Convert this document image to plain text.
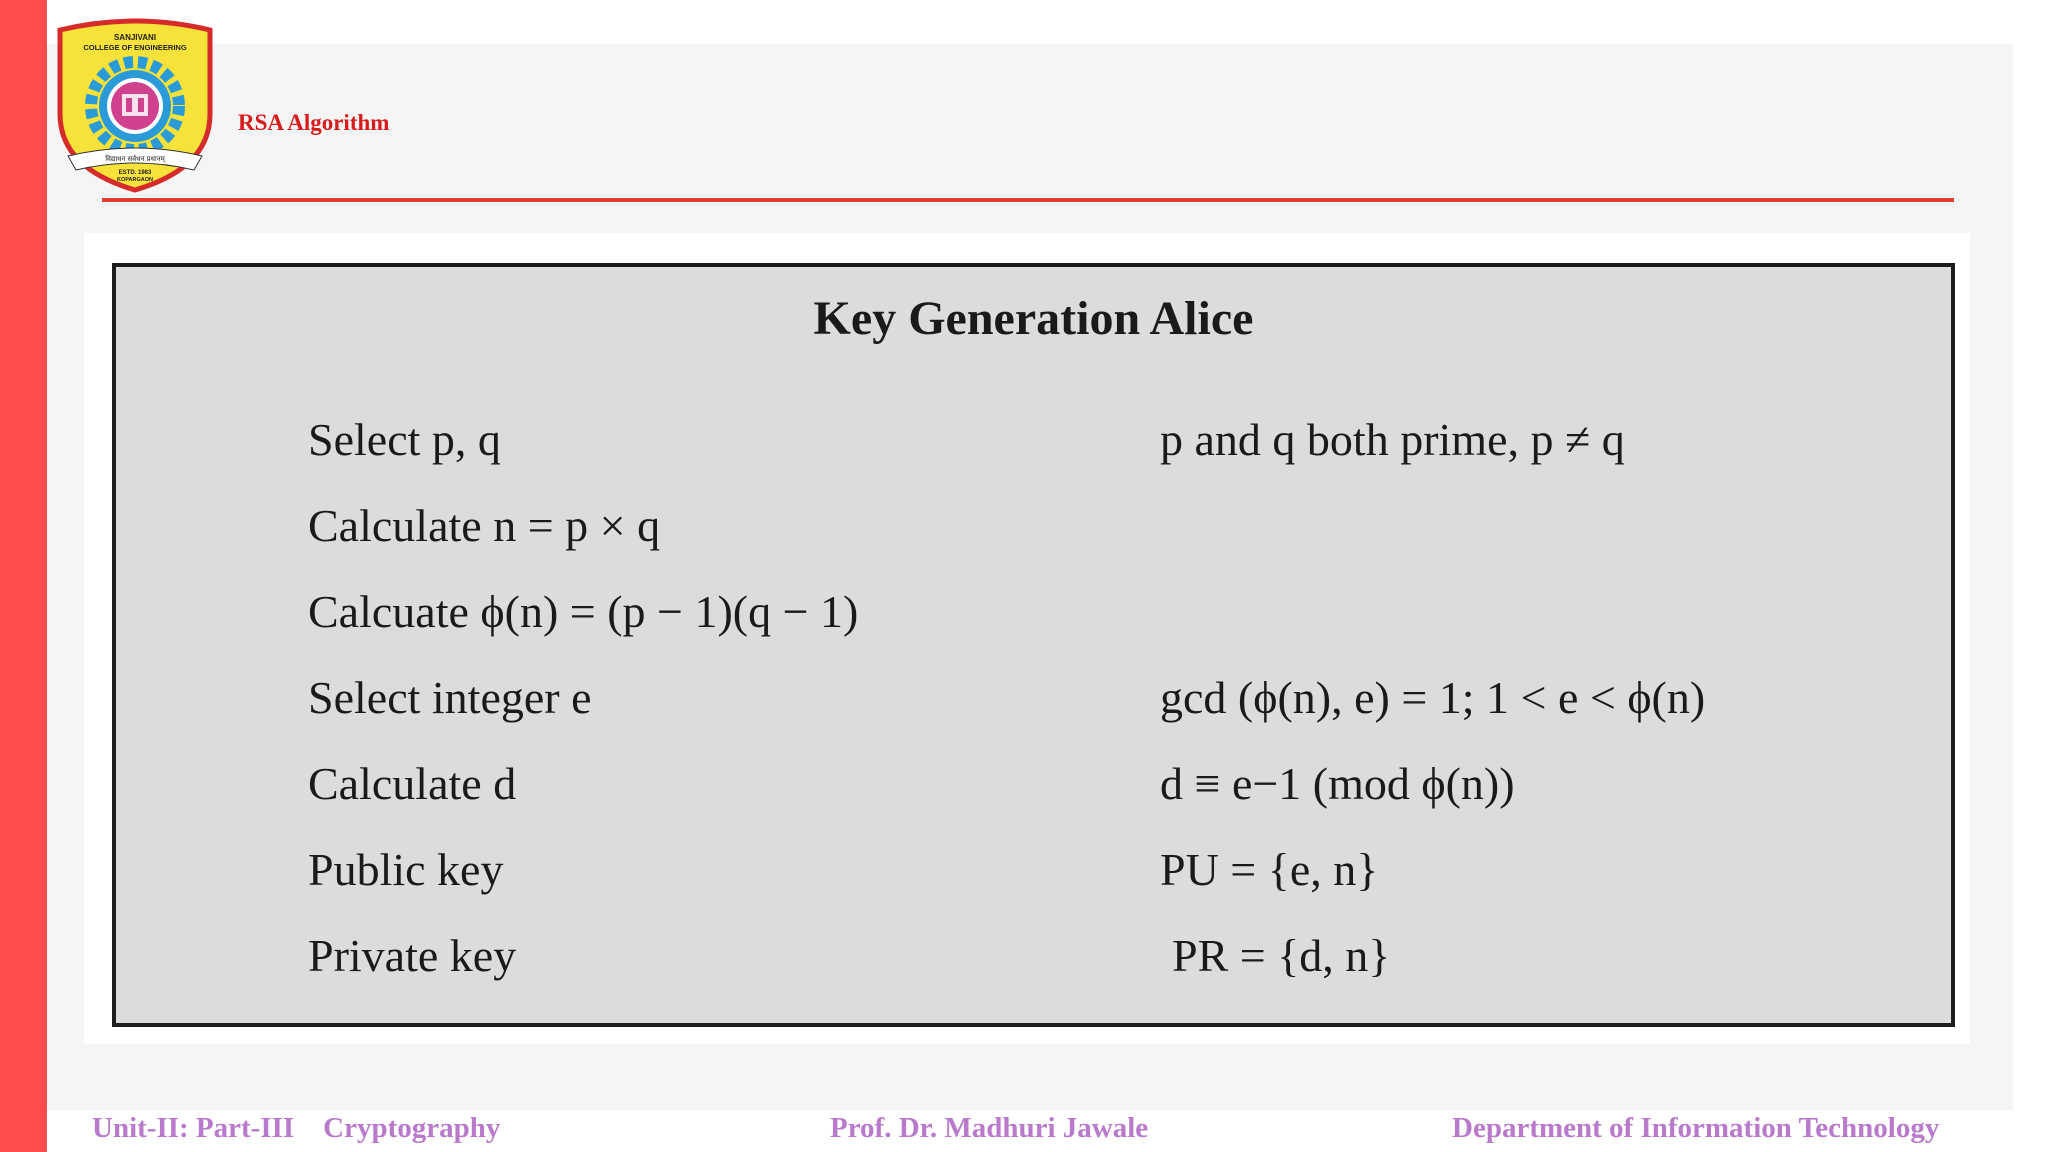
SANJIVANI
COLLEGE OF ENGINEERING
विद्याधन सर्वधन प्रधानम्
ESTD. 1983
KOPARGAON
RSA Algorithm
Key Generation Alice
Select p, q	p and q both prime, p ≠ q
Calculate n = p × q
Calcuate ϕ(n) = (p − 1)(q − 1)
Select integer e	gcd (ϕ(n), e) = 1; 1 < e < ϕ(n)
Calculate d	d ≡ e−1 (mod ϕ(n))
Public key	PU = {e, n}
Private key	PR = {d, n}
Unit-II: Part-III    Cryptography	Prof. Dr. Madhuri Jawale	Department of Information Technology
